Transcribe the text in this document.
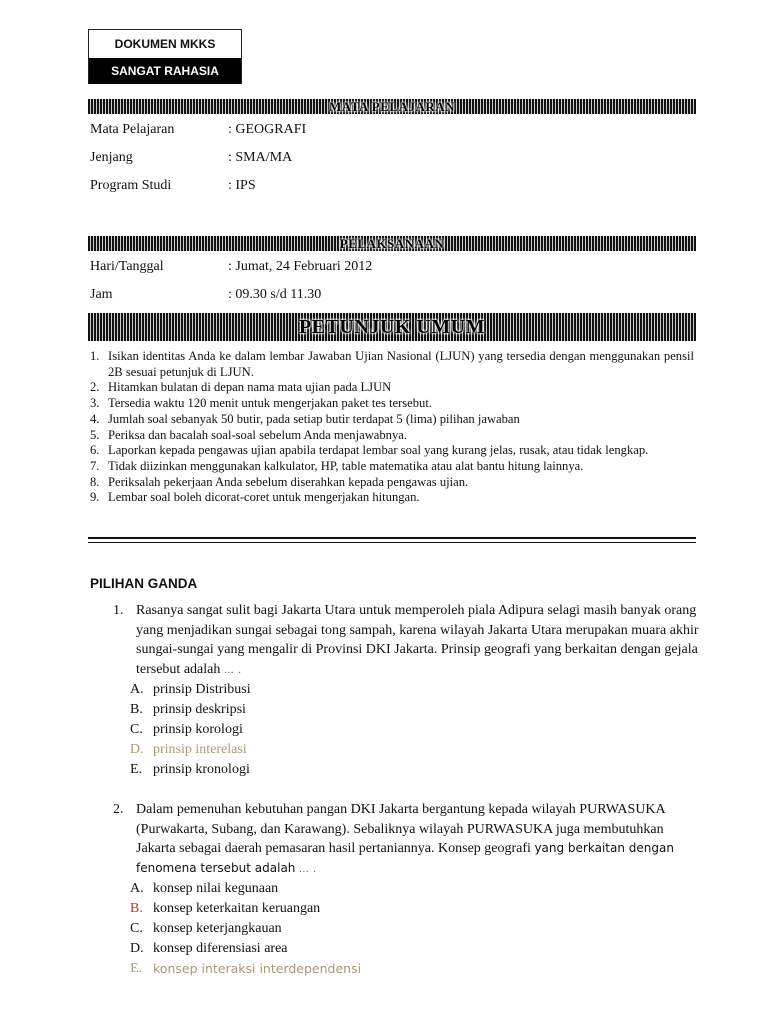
DOKUMEN MKKS
SANGAT RAHASIA
MATA PELAJARAN
Mata Pelajaran	: GEOGRAFI
Jenjang	: SMA/MA
Program Studi	: IPS
PELAKSANAAN
Hari/Tanggal	: Jumat, 24 Februari 2012
Jam	: 09.30 s/d 11.30
PETUNJUK UMUM
1. Isikan identitas Anda ke dalam lembar Jawaban Ujian Nasional (LJUN) yang tersedia dengan menggunakan pensil 2B sesuai petunjuk di LJUN.
2. Hitamkan bulatan di depan nama mata ujian pada LJUN
3. Tersedia waktu 120 menit untuk mengerjakan paket tes tersebut.
4. Jumlah soal sebanyak 50 butir, pada setiap butir terdapat 5 (lima) pilihan jawaban
5. Periksa dan bacalah soal-soal sebelum Anda menjawabnya.
6. Laporkan kepada pengawas ujian apabila terdapat lembar soal yang kurang jelas, rusak, atau tidak lengkap.
7. Tidak diizinkan menggunakan kalkulator, HP, table matematika atau alat bantu hitung lainnya.
8. Periksalah pekerjaan Anda sebelum diserahkan kepada pengawas ujian.
9. Lembar soal boleh dicorat-coret untuk mengerjakan hitungan.
PILIHAN GANDA
1. Rasanya sangat sulit bagi Jakarta Utara untuk memperoleh piala Adipura selagi masih banyak orang yang menjadikan sungai sebagai tong sampah, karena wilayah Jakarta Utara merupakan muara akhir sungai-sungai yang mengalir di Provinsi DKI Jakarta. Prinsip geografi yang berkaitan dengan gejala tersebut adalah … .
A. prinsip Distribusi
B. prinsip deskripsi
C. prinsip korologi
D. prinsip interelasi
E. prinsip kronologi
2. Dalam pemenuhan kebutuhan pangan DKI Jakarta bergantung kepada wilayah PURWASUKA (Purwakarta, Subang, dan Karawang). Sebaliknya wilayah PURWASUKA juga membutuhkan Jakarta sebagai daerah pemasaran hasil pertaniannya. Konsep geografi yang berkaitan dengan fenomena tersebut adalah … .
A. konsep nilai kegunaan
B. konsep keterkaitan keruangan
C. konsep keterjangkauan
D. konsep diferensiasi area
E. konsep interaksi interdependensi
